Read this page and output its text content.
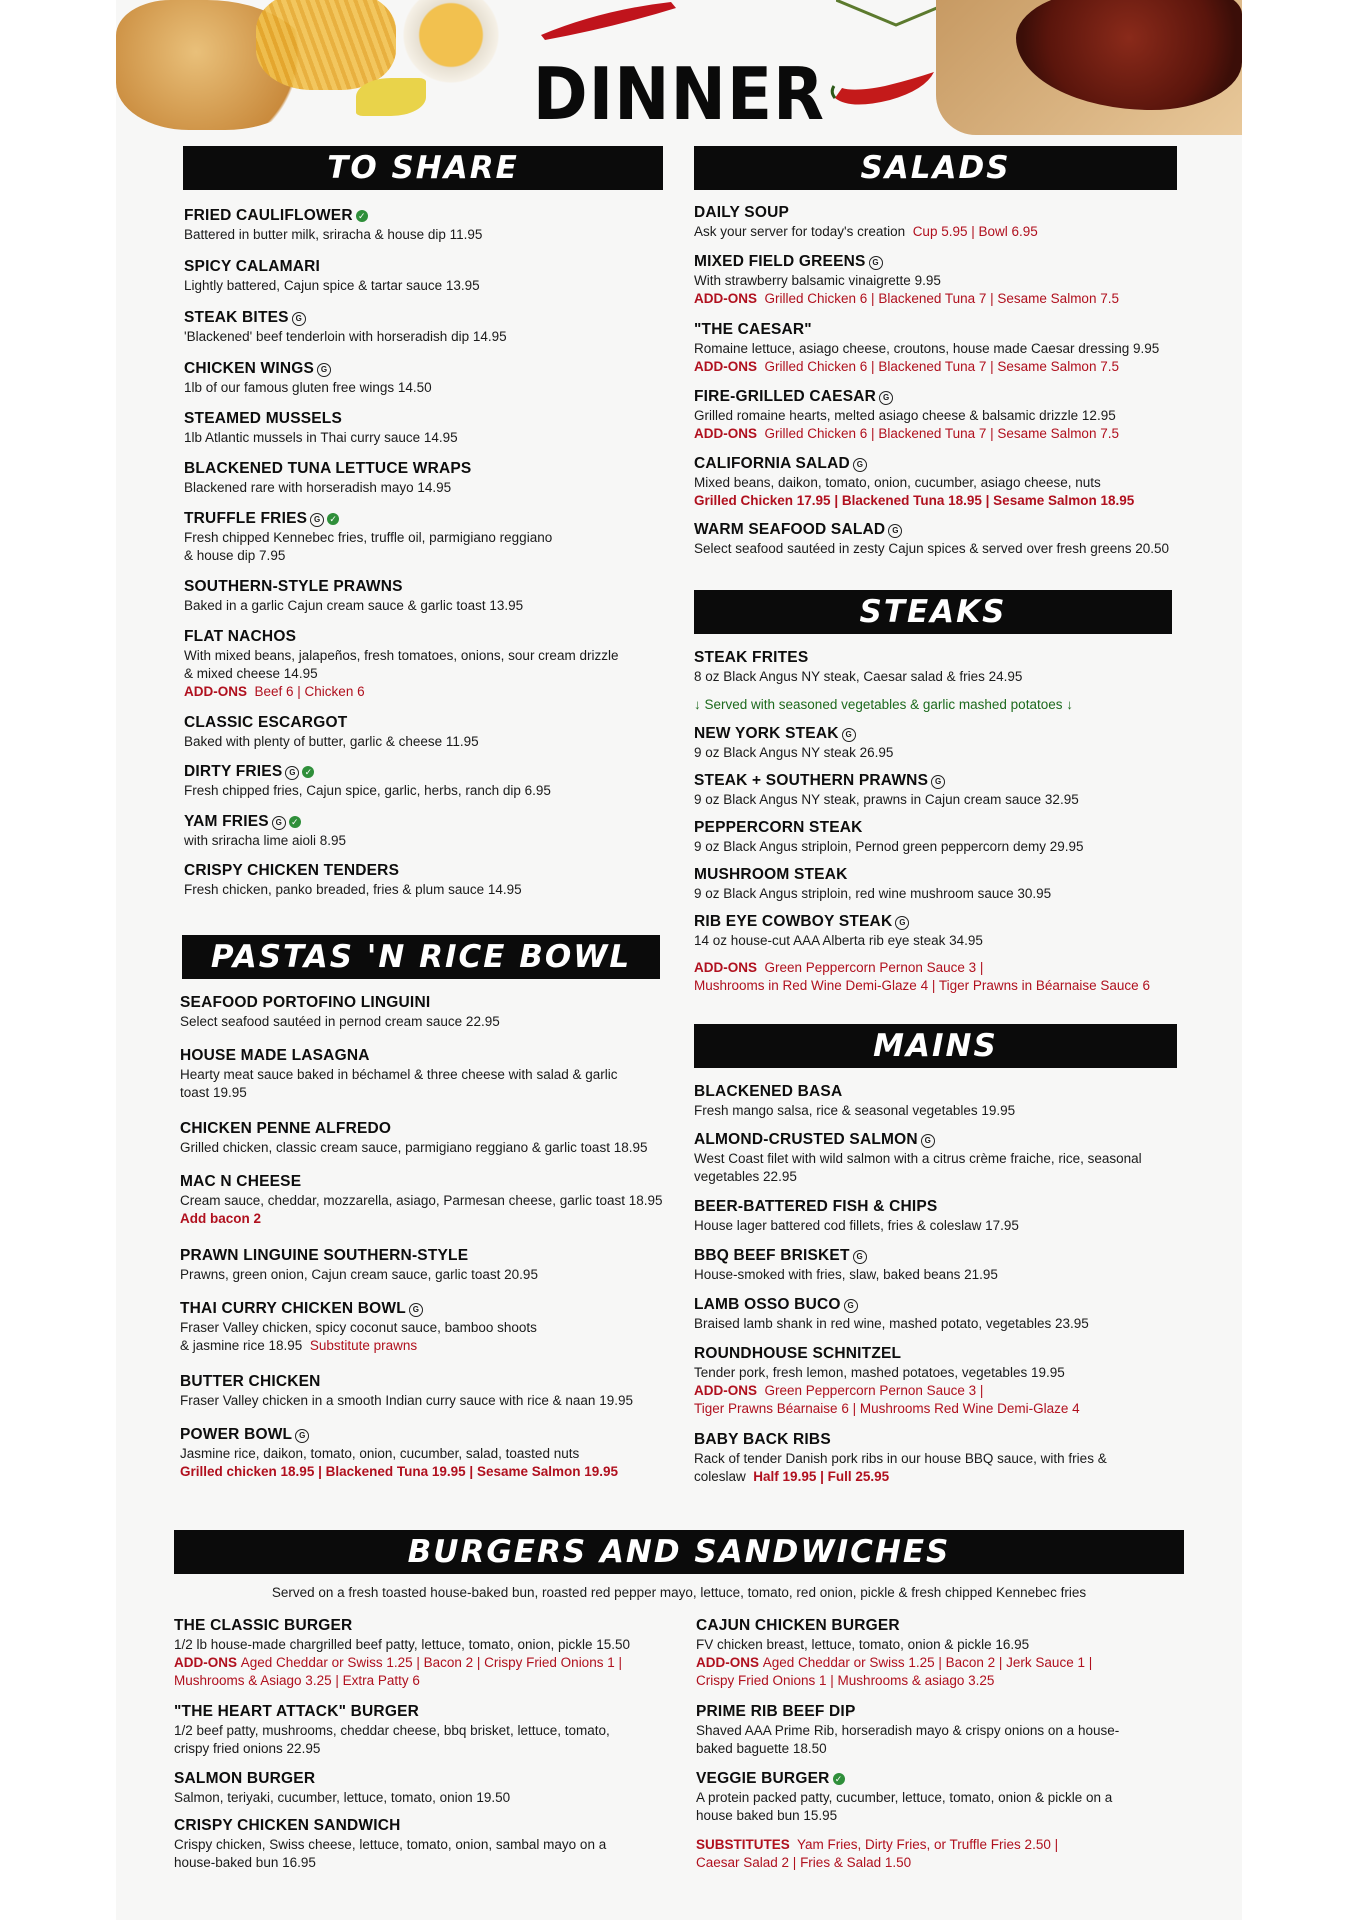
DINNER
TO SHARE
FRIED CAULIFLOWER ✓
Battered in butter milk, sriracha & house dip 11.95
SPICY CALAMARI
Lightly battered, Cajun spice & tartar sauce 13.95
STEAK BITES G
'Blackened' beef tenderloin with horseradish dip 14.95
CHICKEN WINGS G
1lb of our famous gluten free wings 14.50
STEAMED MUSSELS
1lb Atlantic mussels in Thai curry sauce 14.95
BLACKENED TUNA LETTUCE WRAPS
Blackened rare with horseradish mayo 14.95
TRUFFLE FRIES G ✓
Fresh chipped Kennebec fries, truffle oil, parmigiano reggiano
& house dip 7.95
SOUTHERN-STYLE PRAWNS
Baked in a garlic Cajun cream sauce & garlic toast 13.95
FLAT NACHOS
With mixed beans, jalapeños, fresh tomatoes, onions, sour cream drizzle
& mixed cheese 14.95
ADD-ONS Beef 6 | Chicken 6
CLASSIC ESCARGOT
Baked with plenty of butter, garlic & cheese 11.95
DIRTY FRIES G ✓
Fresh chipped fries, Cajun spice, garlic, herbs, ranch dip 6.95
YAM FRIES G ✓
with sriracha lime aioli 8.95
CRISPY CHICKEN TENDERS
Fresh chicken, panko breaded, fries & plum sauce 14.95
SALADS
DAILY SOUP
Ask your server for today's creation Cup 5.95 | Bowl 6.95
MIXED FIELD GREENS G
With strawberry balsamic vinaigrette 9.95
ADD-ONS Grilled Chicken 6 | Blackened Tuna 7 | Sesame Salmon 7.5
"THE CAESAR"
Romaine lettuce, asiago cheese, croutons, house made Caesar dressing 9.95
ADD-ONS Grilled Chicken 6 | Blackened Tuna 7 | Sesame Salmon 7.5
FIRE-GRILLED CAESAR G
Grilled romaine hearts, melted asiago cheese & balsamic drizzle 12.95
ADD-ONS Grilled Chicken 6 | Blackened Tuna 7 | Sesame Salmon 7.5
CALIFORNIA SALAD G
Mixed beans, daikon, tomato, onion, cucumber, asiago cheese, nuts
Grilled Chicken 17.95 | Blackened Tuna 18.95 | Sesame Salmon 18.95
WARM SEAFOOD SALAD G
Select seafood sautéed in zesty Cajun spices & served over fresh greens 20.50
STEAKS
STEAK FRITES
8 oz Black Angus NY steak, Caesar salad & fries 24.95
↓ Served with seasoned vegetables & garlic mashed potatoes ↓
NEW YORK STEAK G
9 oz Black Angus NY steak 26.95
STEAK + SOUTHERN PRAWNS G
9 oz Black Angus NY steak, prawns in Cajun cream sauce 32.95
PEPPERCORN STEAK
9 oz Black Angus striploin, Pernod green peppercorn demy 29.95
MUSHROOM STEAK
9 oz Black Angus striploin, red wine mushroom sauce 30.95
RIB EYE COWBOY STEAK G
14 oz house-cut AAA Alberta rib eye steak 34.95
ADD-ONS Green Peppercorn Pernon Sauce 3 |
Mushrooms in Red Wine Demi-Glaze 4 | Tiger Prawns in Béarnaise Sauce 6
PASTAS 'N RICE BOWL
SEAFOOD PORTOFINO LINGUINI
Select seafood sautéed in pernod cream sauce 22.95
HOUSE MADE LASAGNA
Hearty meat sauce baked in béchamel & three cheese with salad & garlic
toast 19.95
CHICKEN PENNE ALFREDO
Grilled chicken, classic cream sauce, parmigiano reggiano & garlic toast 18.95
MAC N CHEESE
Cream sauce, cheddar, mozzarella, asiago, Parmesan cheese, garlic toast 18.95
Add bacon 2
PRAWN LINGUINE SOUTHERN-STYLE
Prawns, green onion, Cajun cream sauce, garlic toast 20.95
THAI CURRY CHICKEN BOWL G
Fraser Valley chicken, spicy coconut sauce, bamboo shoots
& jasmine rice 18.95 Substitute prawns
BUTTER CHICKEN
Fraser Valley chicken in a smooth Indian curry sauce with rice & naan 19.95
POWER BOWL G
Jasmine rice, daikon, tomato, onion, cucumber, salad, toasted nuts
Grilled chicken 18.95 | Blackened Tuna 19.95 | Sesame Salmon 19.95
MAINS
BLACKENED BASA
Fresh mango salsa, rice & seasonal vegetables 19.95
ALMOND-CRUSTED SALMON G
West Coast filet with wild salmon with a citrus crème fraiche, rice, seasonal
vegetables 22.95
BEER-BATTERED FISH & CHIPS
House lager battered cod fillets, fries & coleslaw 17.95
BBQ BEEF BRISKET G
House-smoked with fries, slaw, baked beans 21.95
LAMB OSSO BUCO G
Braised lamb shank in red wine, mashed potato, vegetables 23.95
ROUNDHOUSE SCHNITZEL
Tender pork, fresh lemon, mashed potatoes, vegetables 19.95
ADD-ONS Green Peppercorn Pernon Sauce 3 |
Tiger Prawns Béarnaise 6 | Mushrooms Red Wine Demi-Glaze 4
BABY BACK RIBS
Rack of tender Danish pork ribs in our house BBQ sauce, with fries &
coleslaw Half 19.95 | Full 25.95
BURGERS AND SANDWICHES
Served on a fresh toasted house-baked bun, roasted red pepper mayo, lettuce, tomato, red onion, pickle & fresh chipped Kennebec fries
THE CLASSIC BURGER
1/2 lb house-made chargrilled beef patty, lettuce, tomato, onion, pickle 15.50
ADD-ONS Aged Cheddar or Swiss 1.25 | Bacon 2 | Crispy Fried Onions 1 |
Mushrooms & Asiago 3.25 | Extra Patty 6
"THE HEART ATTACK" BURGER
1/2 beef patty, mushrooms, cheddar cheese, bbq brisket, lettuce, tomato,
crispy fried onions 22.95
SALMON BURGER
Salmon, teriyaki, cucumber, lettuce, tomato, onion 19.50
CRISPY CHICKEN SANDWICH
Crispy chicken, Swiss cheese, lettuce, tomato, onion, sambal mayo on a
house-baked bun 16.95
CAJUN CHICKEN BURGER
FV chicken breast, lettuce, tomato, onion & pickle 16.95
ADD-ONS Aged Cheddar or Swiss 1.25 | Bacon 2 | Jerk Sauce 1 |
Crispy Fried Onions 1 | Mushrooms & asiago 3.25
PRIME RIB BEEF DIP
Shaved AAA Prime Rib, horseradish mayo & crispy onions on a house-
baked baguette 18.50
VEGGIE BURGER ✓
A protein packed patty, cucumber, lettuce, tomato, onion & pickle on a
house baked bun 15.95
SUBSTITUTES Yam Fries, Dirty Fries, or Truffle Fries 2.50 |
Caesar Salad 2 | Fries & Salad 1.50
